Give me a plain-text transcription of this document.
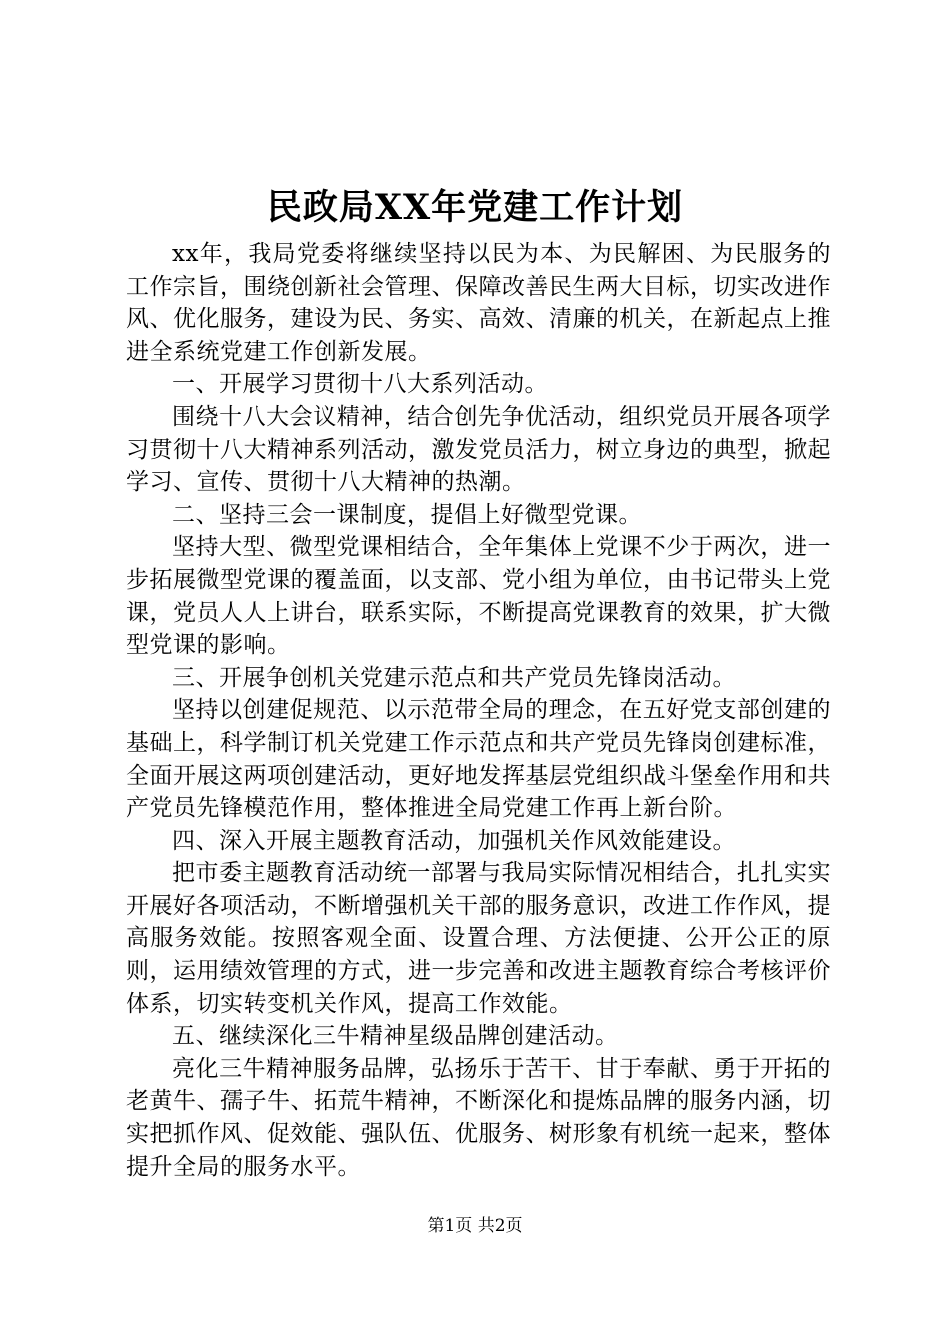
民政局XX年党建工作计划

xx年，我局党委将继续坚持以民为本、为民解困、为民服务的工作宗旨，围绕创新社会管理、保障改善民生两大目标，切实改进作风、优化服务，建设为民、务实、高效、清廉的机关，在新起点上推进全系统党建工作创新发展。

一、开展学习贯彻十八大系列活动。

围绕十八大会议精神，结合创先争优活动，组织党员开展各项学习贯彻十八大精神系列活动，激发党员活力，树立身边的典型，掀起学习、宣传、贯彻十八大精神的热潮。

二、坚持三会一课制度，提倡上好微型党课。

坚持大型、微型党课相结合，全年集体上党课不少于两次，进一步拓展微型党课的覆盖面，以支部、党小组为单位，由书记带头上党课，党员人人上讲台，联系实际，不断提高党课教育的效果，扩大微型党课的影响。

三、开展争创机关党建示范点和共产党员先锋岗活动。

坚持以创建促规范、以示范带全局的理念，在五好党支部创建的基础上，科学制订机关党建工作示范点和共产党员先锋岗创建标准，全面开展这两项创建活动，更好地发挥基层党组织战斗堡垒作用和共产党员先锋模范作用，整体推进全局党建工作再上新台阶。

四、深入开展主题教育活动，加强机关作风效能建设。

把市委主题教育活动统一部署与我局实际情况相结合，扎扎实实开展好各项活动，不断增强机关干部的服务意识，改进工作作风，提高服务效能。按照客观全面、设置合理、方法便捷、公开公正的原则，运用绩效管理的方式，进一步完善和改进主题教育综合考核评价体系，切实转变机关作风，提高工作效能。

五、继续深化三牛精神星级品牌创建活动。

亮化三牛精神服务品牌，弘扬乐于苦干、甘于奉献、勇于开拓的老黄牛、孺子牛、拓荒牛精神，不断深化和提炼品牌的服务内涵，切实把抓作风、促效能、强队伍、优服务、树形象有机统一起来，整体提升全局的服务水平。

第1页 共2页
